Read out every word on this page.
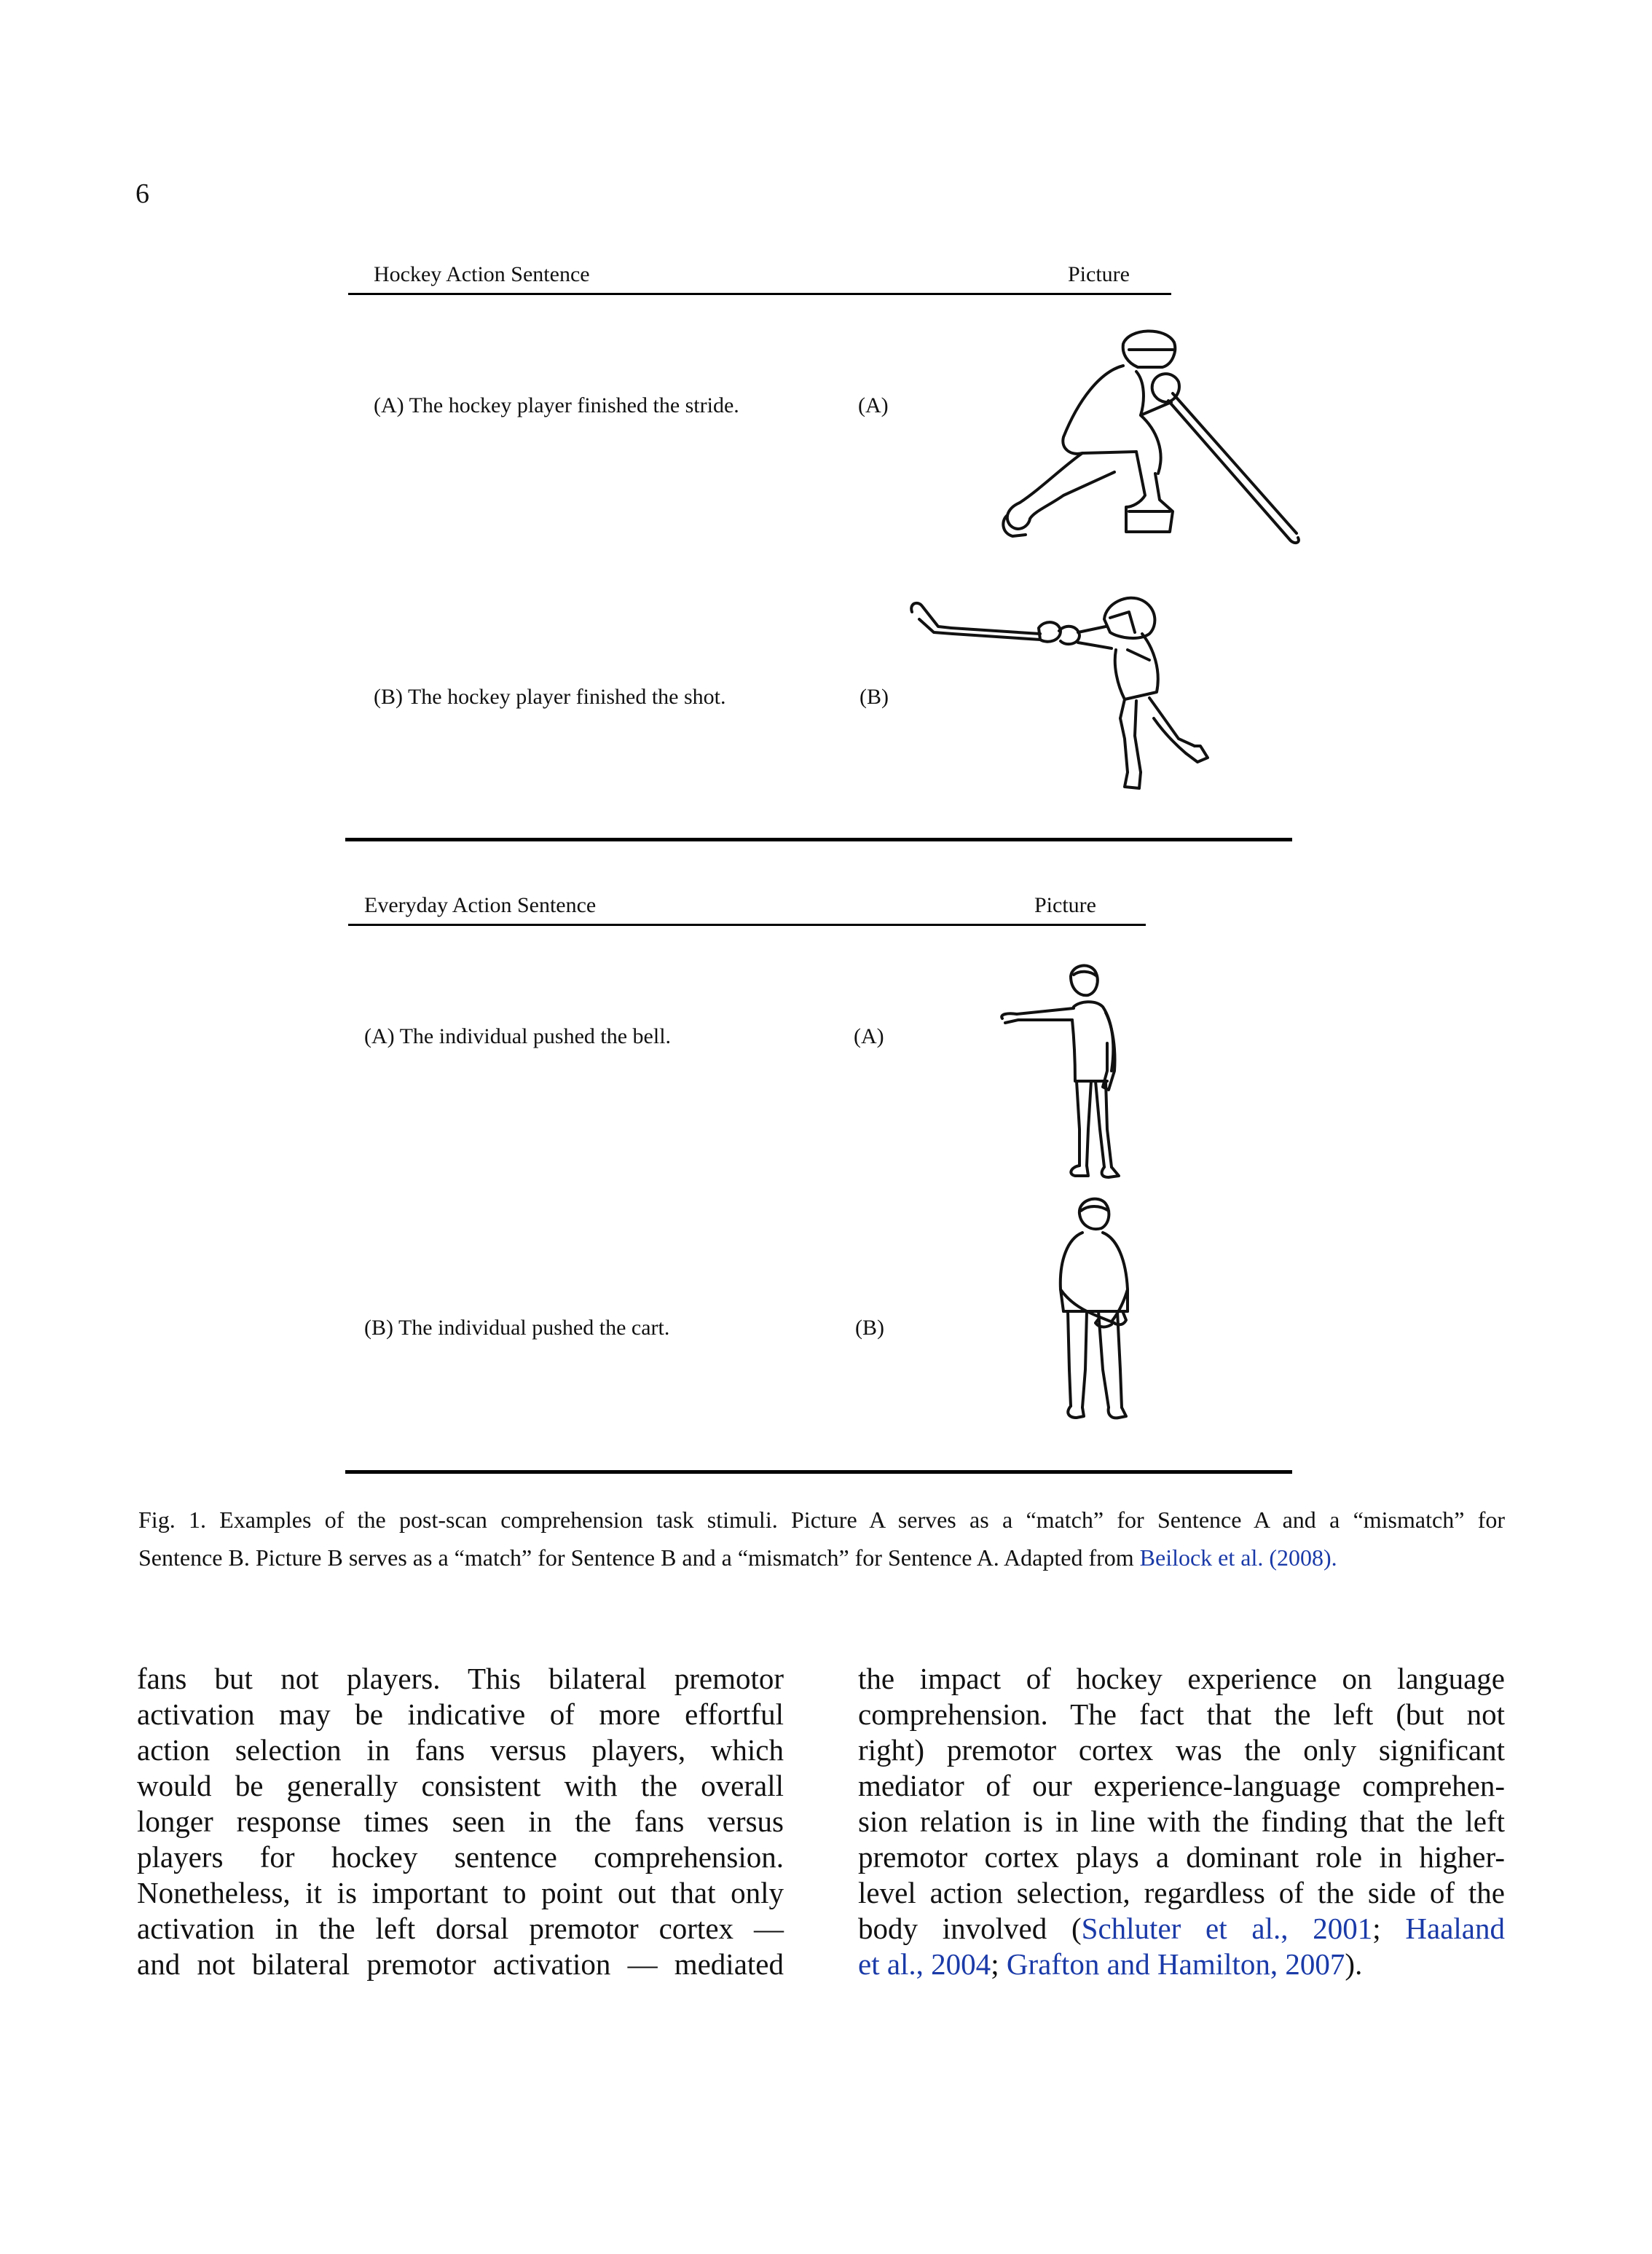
6
Hockey Action Sentence	Picture
(A) The hockey player finished the stride.	(A)
(B) The hockey player finished the shot.	(B)
Everyday Action Sentence	Picture
(A) The individual pushed the bell.	(A)
(B) The individual pushed the cart.	(B)
Fig. 1. Examples of the post-scan comprehension task stimuli. Picture A serves as a “match” for Sentence A and a “mismatch” for
Sentence B. Picture B serves as a “match” for Sentence B and a “mismatch” for Sentence A. Adapted from Beilock et al. (2008).
fans but not players. This bilateral premotor
activation may be indicative of more effortful
action selection in fans versus players, which
would be generally consistent with the overall
longer response times seen in the fans versus
players for hockey sentence comprehension.
Nonetheless, it is important to point out that only
activation in the left dorsal premotor cortex —
and not bilateral premotor activation — mediated
the impact of hockey experience on language
comprehension. The fact that the left (but not
right) premotor cortex was the only significant
mediator of our experience-language comprehen-
sion relation is in line with the finding that the left
premotor cortex plays a dominant role in higher-
level action selection, regardless of the side of the
body involved (Schluter et al., 2001; Haaland
et al., 2004; Grafton and Hamilton, 2007).
